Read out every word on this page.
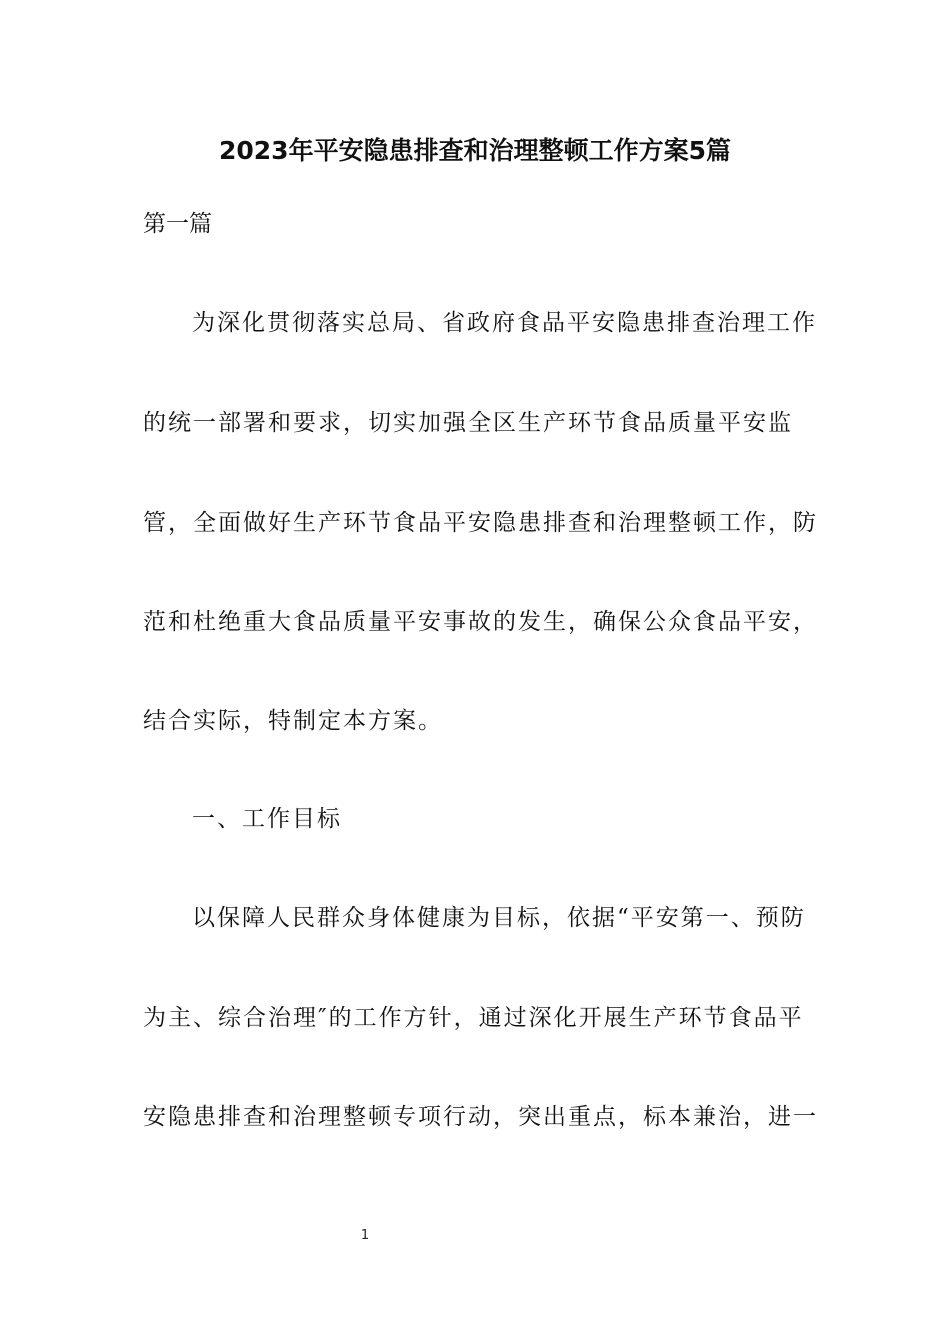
2023年平安隐患排查和治理整顿工作方案5篇
第一篇
为深化贯彻落实总局、省政府食品平安隐患排查治理工作
的统一部署和要求，切实加强全区生产环节食品质量平安监
管，全面做好生产环节食品平安隐患排查和治理整顿工作，防
范和杜绝重大食品质量平安事故的发生，确保公众食品平安，
结合实际，特制定本方案。
一、工作目标
以保障人民群众身体健康为目标，依据“平安第一、预防
为主、综合治理″的工作方针，通过深化开展生产环节食品平
安隐患排查和治理整顿专项行动，突出重点，标本兼治，进一
1
